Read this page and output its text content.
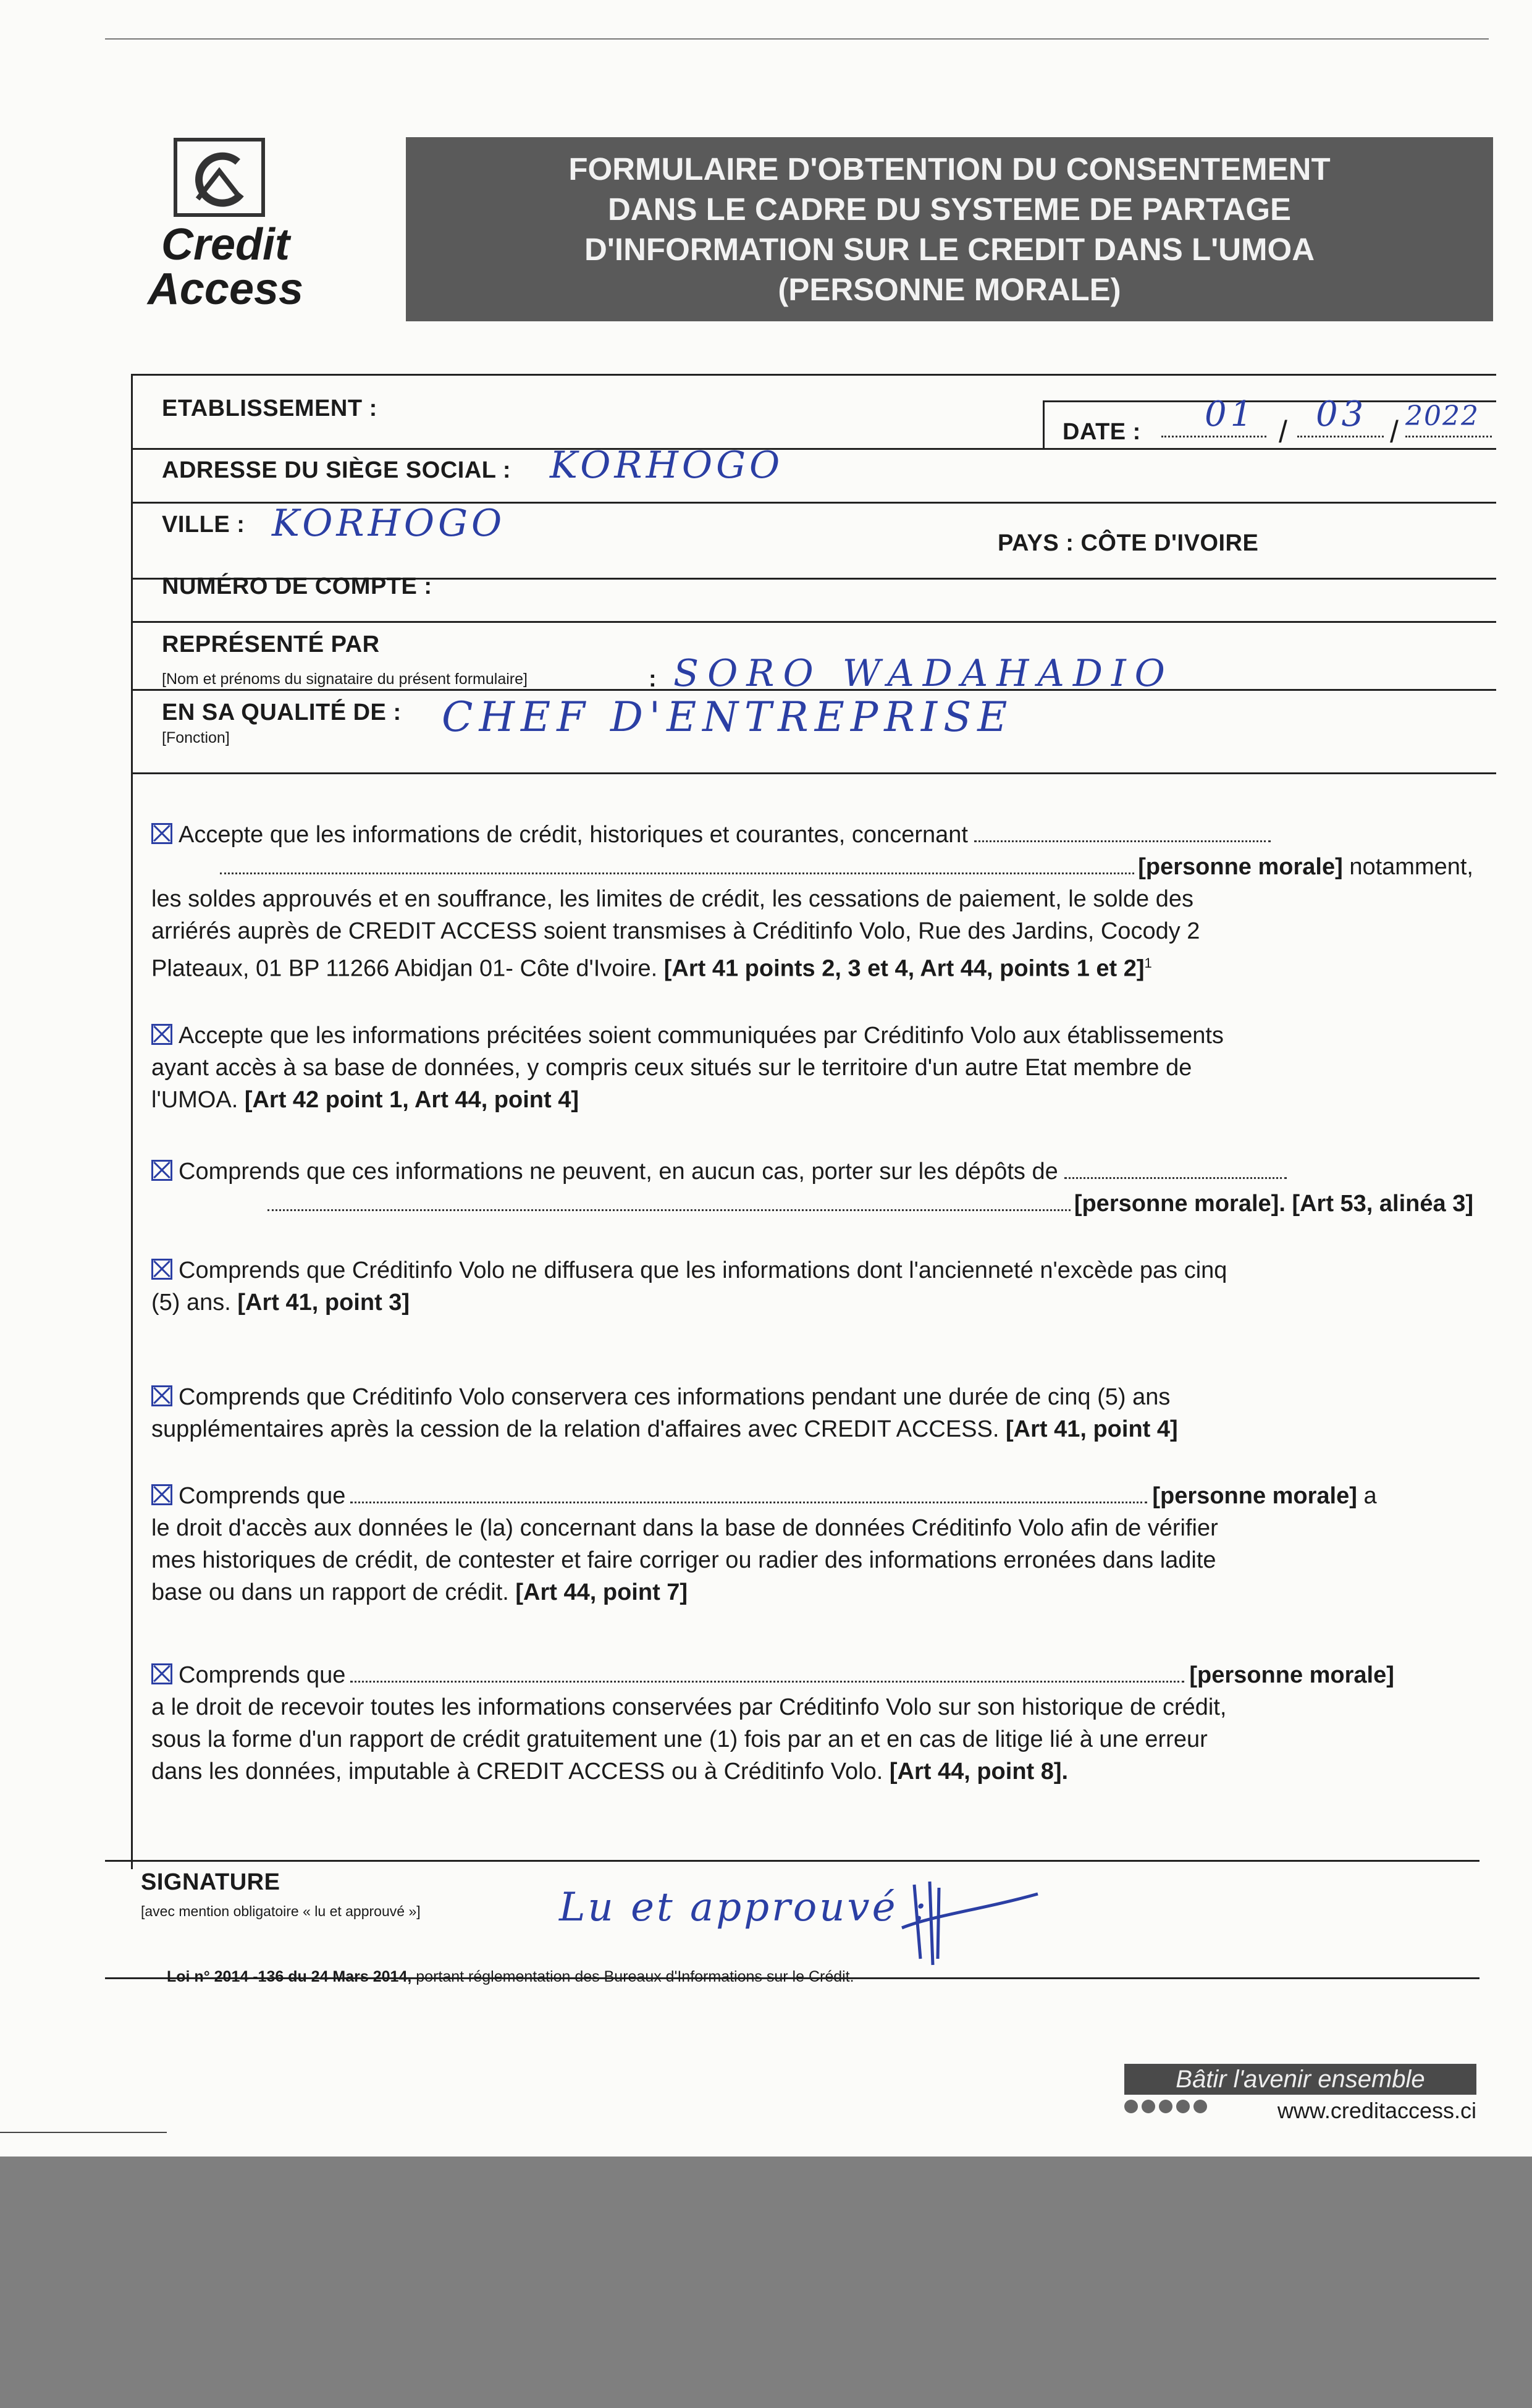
Credit
Access
FORMULAIRE D'OBTENTION DU CONSENTEMENT
DANS LE CADRE DU SYSTEME DE PARTAGE
D'INFORMATION SUR LE CREDIT DANS L'UMOA
(PERSONNE MORALE)
ETABLISSEMENT :
DATE : 01 / 03 / 2022
ADRESSE DU SIÈGE SOCIAL : KORHOGO
VILLE : KORHOGO	PAYS : CÔTE D'IVOIRE
NUMÉRO DE COMPTE :
REPRÉSENTÉ PAR
[Nom et prénoms du signataire du présent formulaire]	: SORO WADAHADIO
EN SA QUALITÉ DE :
[Fonction]	CHEF D'ENTREPRISE
Accepte que les informations de crédit, historiques et courantes, concernant
[personne morale] notamment,
les soldes approuvés et en souffrance, les limites de crédit, les cessations de paiement, le solde des
arriérés auprès de CREDIT ACCESS soient transmises à Créditinfo Volo, Rue des Jardins, Cocody 2
Plateaux, 01 BP 11266 Abidjan 01- Côte d'Ivoire. [Art 41 points 2, 3 et 4, Art 44, points 1 et 2]$^1$
Accepte que les informations précitées soient communiquées par Créditinfo Volo aux établissements
ayant accès à sa base de données, y compris ceux situés sur le territoire d'un autre Etat membre de
l'UMOA. [Art 42 point 1, Art 44, point 4]
Comprends que ces informations ne peuvent, en aucun cas, porter sur les dépôts de
[personne morale]. [Art 53, alinéa 3]
Comprends que Créditinfo Volo ne diffusera que les informations dont l'ancienneté n'excède pas cinq
(5) ans. [Art 41, point 3]
Comprends que Créditinfo Volo conservera ces informations pendant une durée de cinq (5) ans
supplémentaires après la cession de la relation d'affaires avec CREDIT ACCESS. [Art 41, point 4]
Comprends que	[personne morale] a
le droit d'accès aux données le (la) concernant dans la base de données Créditinfo Volo afin de vérifier
mes historiques de crédit, de contester et faire corriger ou radier des informations erronées dans ladite
base ou dans un rapport de crédit. [Art 44, point 7]
Comprends que	[personne morale]
a le droit de recevoir toutes les informations conservées par Créditinfo Volo sur son historique de crédit,
sous la forme d'un rapport de crédit gratuitement une (1) fois par an et en cas de litige lié à une erreur
dans les données, imputable à CREDIT ACCESS ou à Créditinfo Volo. [Art 44, point 8].
SIGNATURE
[avec mention obligatoire « lu et approuvé »]	Lu et approuvé :
Loi n° 2014 -136 du 24 Mars 2014, portant réglementation des Bureaux d'Informations sur le Crédit.
Bâtir l'avenir ensemble
www.creditaccess.ci
